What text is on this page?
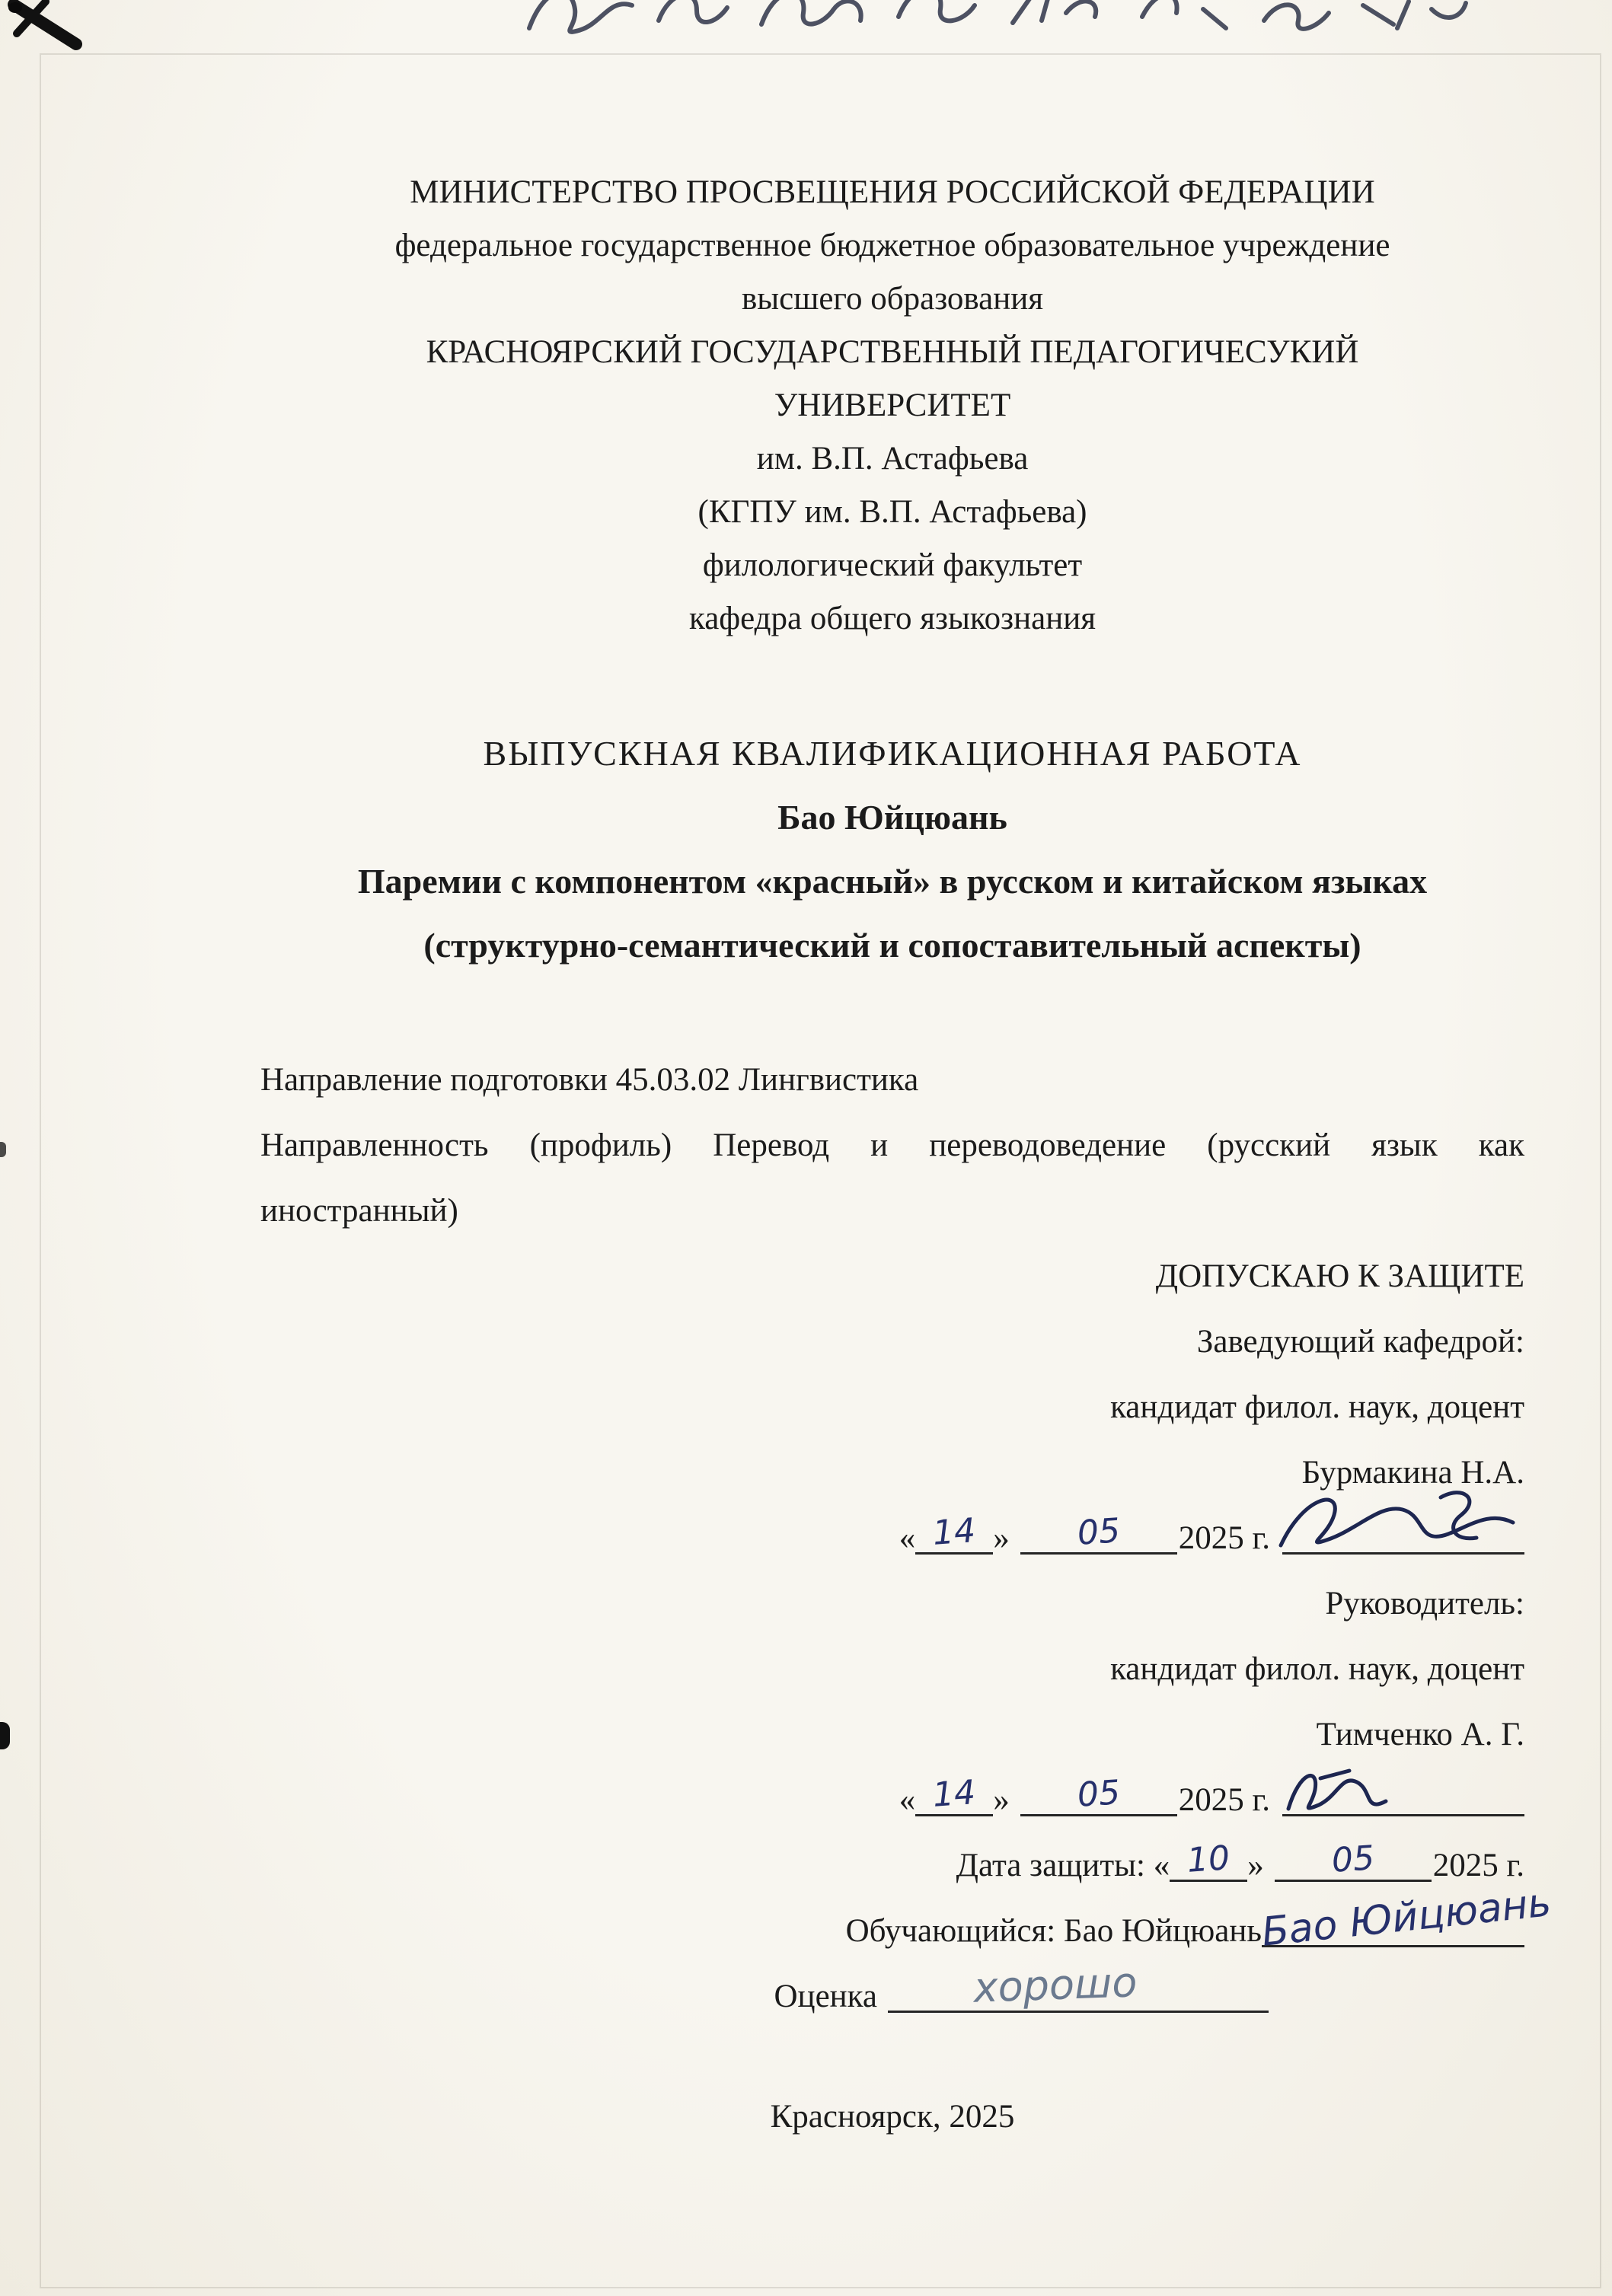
МИНИСТЕРСТВО ПРОСВЕЩЕНИЯ РОССИЙСКОЙ ФЕДЕРАЦИИ
федеральное государственное бюджетное образовательное учреждение
высшего образования
КРАСНОЯРСКИЙ ГОСУДАРСТВЕННЫЙ ПЕДАГОГИЧЕСУКИЙ
УНИВЕРСИТЕТ
им. В.П. Астафьева
(КГПУ им. В.П. Астафьева)
филологический факультет
кафедра общего языкознания
ВЫПУСКНАЯ КВАЛИФИКАЦИОННАЯ РАБОТА
Бао Юйцюань
Паремии с компонентом «красный» в русском и китайском языках
(структурно-семантический и сопоставительный аспекты)
Направление подготовки 45.03.02 Лингвистика
Направленность (профиль) Перевод и переводоведение (русский язык как
иностранный)
ДОПУСКАЮ К ЗАЩИТЕ
Заведующий кафедрой:
кандидат филол. наук, доцент
Бурмакина Н.А.
« 14 » 05 2025 г.
Руководитель:
кандидат филол. наук, доцент
Тимченко А. Г.
« 14 » 05 2025 г.
Дата защиты: « 10 » 05 2025 г.
Обучающийся: Бао Юйцюань
Бао Юйцюань
Оценка хорошо
Красноярск, 2025
